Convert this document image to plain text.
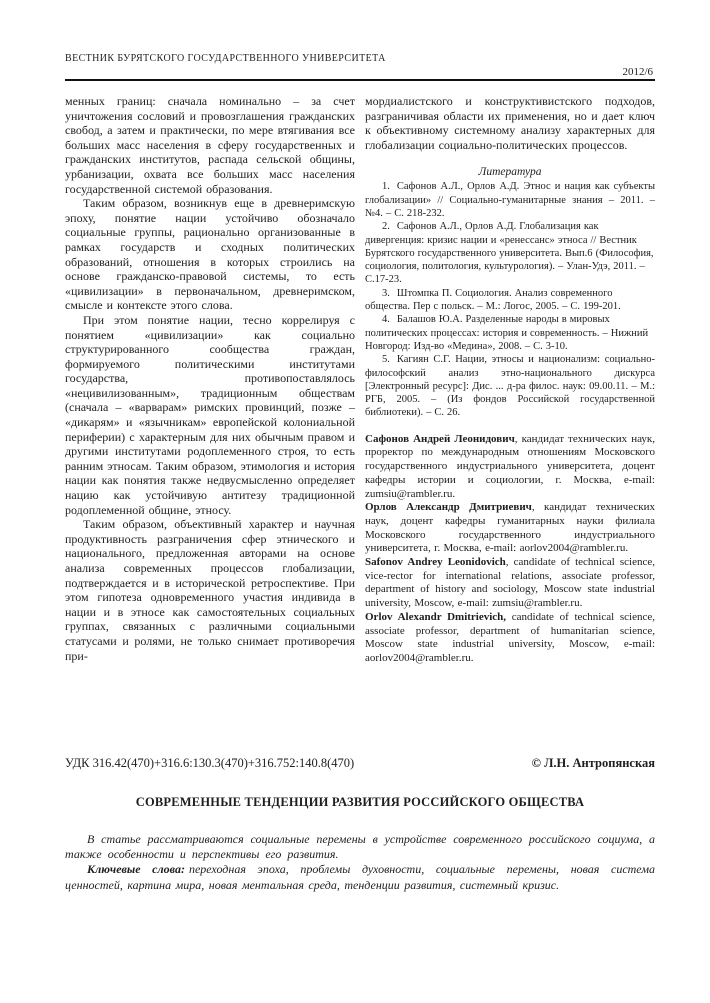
ВЕСТНИК БУРЯТСКОГО ГОСУДАРСТВЕННОГО УНИВЕРСИТЕТА
2012/6

менных границ: сначала номинально – за счет уничтожения сословий и провозглашения гражданских свобод, а затем и практически, по мере втягивания все больших масс населения в сферу государственных и гражданских институтов, распада сельской общины, урбанизации, охвата все больших масс населения государственной системой образования.

Таким образом, возникнув еще в древнеримскую эпоху, понятие нации устойчиво обозначало социальные группы, рационально организованные в рамках государств и сходных политических образований, отношения в которых строились на основе гражданско-правовой системы, то есть «цивилизации» в первоначальном, древнеримском, смысле и контексте этого слова.

При этом понятие нации, тесно коррелируя с понятием «цивилизации» как социально структурированного сообщества граждан, формируемого политическими институтами государства, противопоставлялось «нецивилизованным», традиционным обществам (сначала – «варварам» римских провинций, позже – «дикарям» и «язычникам» европейской колониальной периферии) с характерным для них обычным правом и другими институтами родоплеменного строя, то есть ранним этносам. Таким образом, этимология и история нации как понятия также недвусмысленно определяет нацию как устойчивую антитезу традиционной родоплеменной общине, этносу.

Таким образом, объективный характер и научная продуктивность разграничения сфер этнического и национального, предложенная авторами на основе анализа современных процессов глобализации, подтверждается и в исторической ретроспективе. При этом гипотеза одновременного участия индивида в нации и в этносе как самостоятельных социальных группах, связанных с различными социальными статусами и ролями, не только снимает противоречия при-

мордиалистского и конструктивистского подходов, разграничивая области их применения, но и дает ключ к объективному системному анализу характерных для глобализации социально-политических процессов.

Литература

1. Сафонов А.Л., Орлов А.Д. Этнос и нация как субъекты глобализации» // Социально-гуманитарные знания – 2011. – №4. – С. 218-232.

2. Сафонов А.Л., Орлов А.Д. Глобализация как дивергенция: кризис нации и «ренессанс» этноса // Вестник Бурятского государственного университета. Вып.6 (Философия, социология, политология, культурология). – Улан-Удэ, 2011. – С.17-23.

3. Штомпка П. Социология. Анализ современного общества. Пер с польск. – М.: Логос, 2005. – С. 199-201.

4. Балашов Ю.А. Разделенные народы в мировых политических процессах: история и современность. – Нижний Новгород: Изд-во «Медина», 2008. – С. 3-10.

5. Кагиян С.Г. Нации, этносы и национализм: социально-философский анализ этно-национального дискурса [Электронный ресурс]: Дис. ... д-ра филос. наук: 09.00.11. – М.: РГБ, 2005. – (Из фондов Российской государственной библиотеки). – С. 26.

Сафонов Андрей Леонидович, кандидат технических наук, проректор по международным отношениям Московского государственного индустриального университета, доцент кафедры истории и социологии, г. Москва, e-mail: zumsiu@rambler.ru.

Орлов Александр Дмитриевич, кандидат технических наук, доцент кафедры гуманитарных науки филиала Московского государственного индустриального университета, г. Москва, e-mail: aorlov2004@rambler.ru.

Safonov Andrey Leonidovich, candidate of technical science, vice-rector for international relations, associate professor, department of history and sociology, Moscow state industrial university, Moscow, e-mail: zumsiu@rambler.ru.

Orlov Alexandr Dmitrievich, candidate of technical science, associate professor, department of humanitarian science, Moscow state industrial university, Moscow, e-mail: aorlov2004@rambler.ru.

УДК 316.42(470)+316.6:130.3(470)+316.752:140.8(470)	© Л.Н. Антропянская
СОВРЕМЕННЫЕ ТЕНДЕНЦИИ РАЗВИТИЯ РОССИЙСКОГО ОБЩЕСТВА

В статье рассматриваются социальные перемены в устройстве современного российского социума, а также особенности и перспективы его развития.

Ключевые слова: переходная эпоха, проблемы духовности, социальные перемены, новая система ценностей, картина мира, новая ментальная среда, тенденции развития, системный кризис.
